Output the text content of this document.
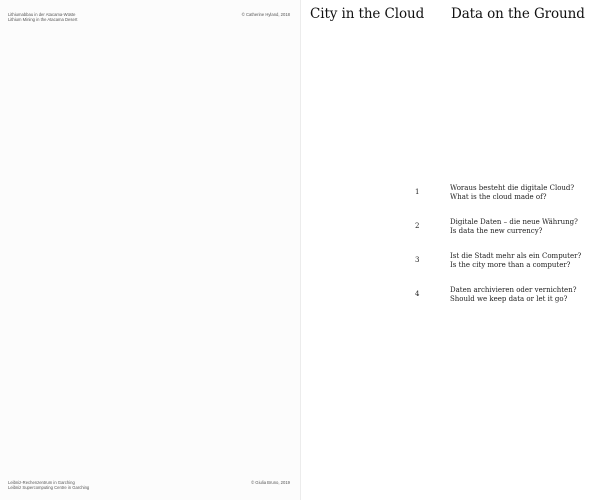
Lithiumabbau in der Atacama-Wüste
Lithium Mining in the Atacama Desert
© Catherine Hyland, 2018
Leibniz-Rechenzentrum in Garching
Leibniz Supercomputing Centre in Garching
© Giulia Bruno, 2019
City in the Cloud Data on the Ground
1	Woraus besteht die digitale Cloud?
What is the cloud made of?
2	Digitale Daten – die neue Währung?
Is data the new currency?
3	Ist die Stadt mehr als ein Computer?
Is the city more than a computer?
4	Daten archivieren oder vernichten?
Should we keep data or let it go?
